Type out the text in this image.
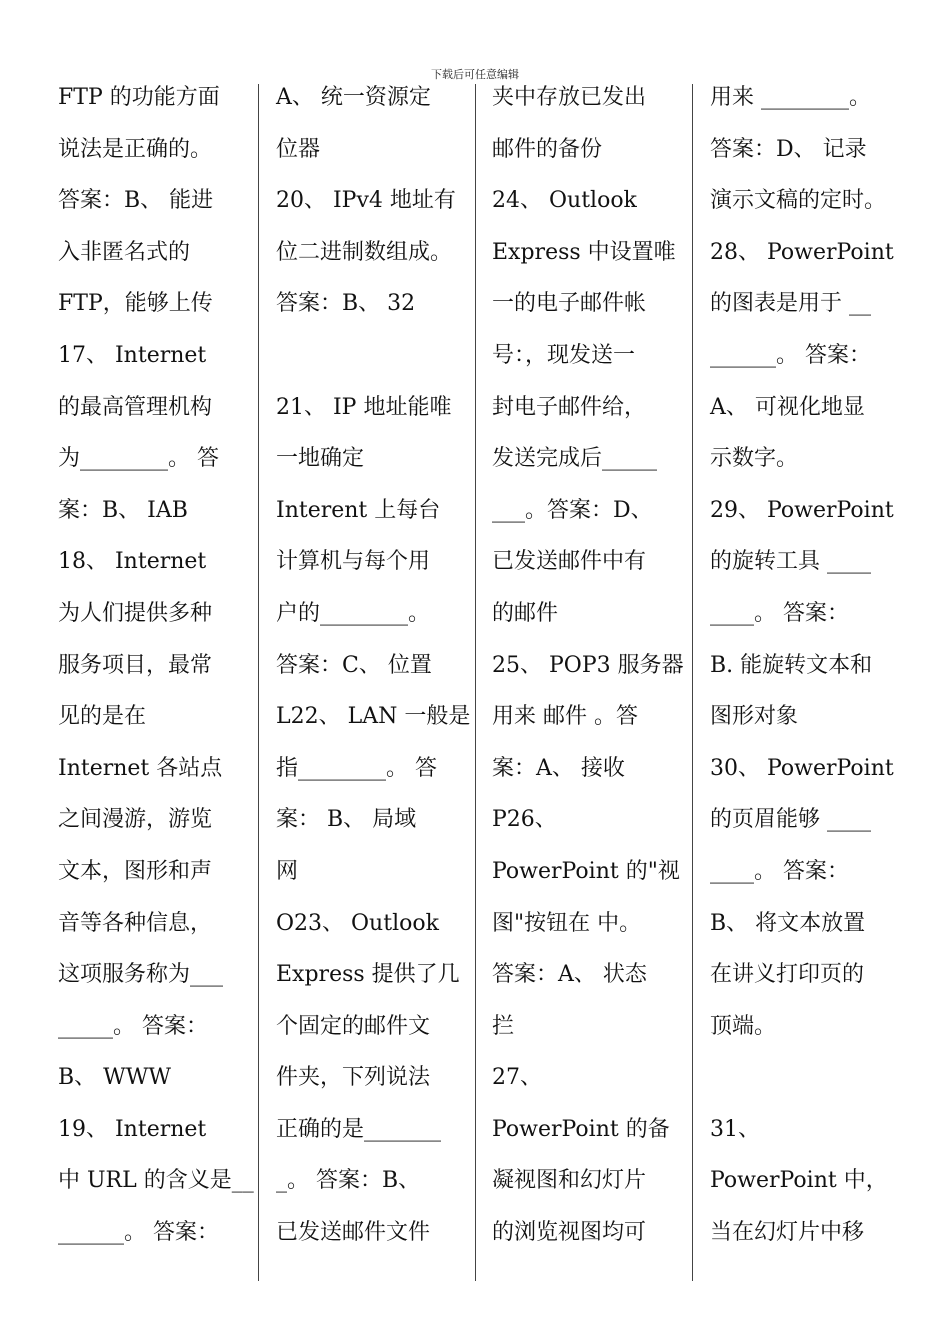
下载后可任意编辑
FTP 的功能方面
说法是正确的。
答案：B、 能进
入非匿名式的
FTP，能够上传
17、 Internet
的最高管理机构
为________。 答
案：B、 IAB
18、 Internet
为人们提供多种
服务项目，最常
见的是在
Internet 各站点
之间漫游，游览
文本，图形和声
音等各种信息，
这项服务称为___
_____。 答案：
B、 WWW
19、 Internet
中 URL 的含义是__
______。 答案：
A、 统一资源定
位器
20、 IPv4 地址有
位二进制数组成。
答案：B、 32
21、 IP 地址能唯
一地确定
Interent 上每台
计算机与每个用
户的________。
答案：C、 位置
L22、 LAN 一般是
指________。 答
案： B、 局域
网
O23、 Outlook
Express 提供了几
个固定的邮件文
件夹，下列说法
正确的是_______
_。 答案：B、
已发送邮件文件
夹中存放已发出
邮件的备份
24、 Outlook
Express 中设置唯
一的电子邮件帐
号：，现发送一
封电子邮件给，
发送完成后_____
___。答案：D、
已发送邮件中有
的邮件
25、 POP3 服务器
用来 邮件 。答
案：A、 接收
P26、
PowerPoint 的"视
图"按钮在 中。
答案：A、 状态
拦
27、
PowerPoint 的备
凝视图和幻灯片
的浏览视图均可
用来 ________。
答案：D、 记录
演示文稿的定时。
28、 PowerPoint
的图表是用于 __
______。 答案：
A、 可视化地显
示数字。
29、 PowerPoint
的旋转工具 ____
____。 答案：
B. 能旋转文本和
图形对象
30、 PowerPoint
的页眉能够 ____
____。 答案：
B、 将文本放置
在讲义打印页的
顶端。
31、
PowerPoint 中，
当在幻灯片中移
